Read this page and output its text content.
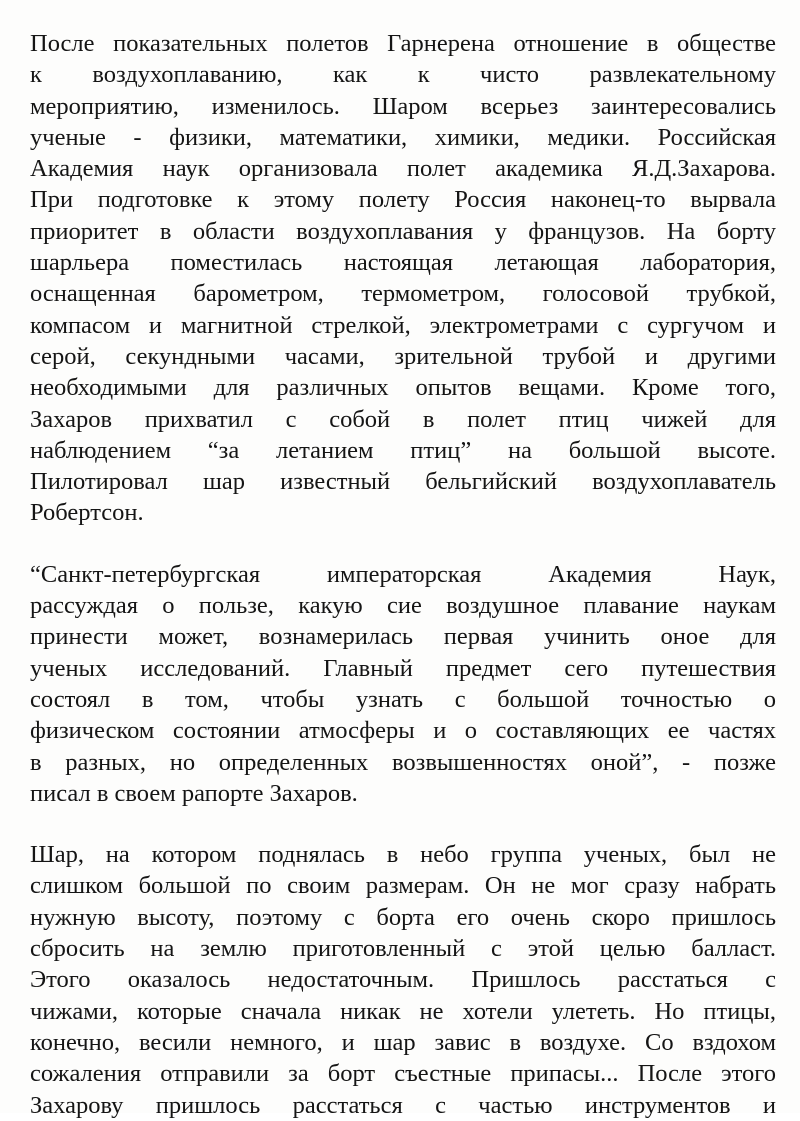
После показательных полетов Гарнерена отношение в обществе
к воздухоплаванию, как к чисто развлекательному
мероприятию, изменилось. Шаром всерьез заинтересовались
ученые - физики, математики, химики, медики. Российская
Академия наук организовала полет академика Я.Д.Захарова.
При подготовке к этому полету Россия наконец-то вырвала
приоритет в области воздухоплавания у французов. На борту
шарльера поместилась настоящая летающая лаборатория,
оснащенная барометром, термометром, голосовой трубкой,
компасом и магнитной стрелкой, электрометрами с сургучом и
серой, секундными часами, зрительной трубой и другими
необходимыми для различных опытов вещами. Кроме того,
Захаров прихватил с собой в полет птиц чижей для
наблюдением “за летанием птиц” на большой высоте.
Пилотировал шар известный бельгийский воздухоплаватель
Робертсон.
“Санкт-петербургская императорская Академия Наук,
рассуждая о пользе, какую сие воздушное плавание наукам
принести может, вознамерилась первая учинить оное для
ученых исследований. Главный предмет сего путешествия
состоял в том, чтобы узнать с большой точностью о
физическом состоянии атмосферы и о составляющих ее частях
в разных, но определенных возвышенностях оной”, - позже
писал в своем рапорте Захаров.
Шар, на котором поднялась в небо группа ученых, был не
слишком большой по своим размерам. Он не мог сразу набрать
нужную высоту, поэтому с борта его очень скоро пришлось
сбросить на землю приготовленный с этой целью балласт.
Этого оказалось недостаточным. Пришлось расстаться с
чижами, которые сначала никак не хотели улететь. Но птицы,
конечно, весили немного, и шар завис в воздухе. Со вздохом
сожаления отправили за борт съестные припасы... После этого
Захарову пришлось расстаться с частью инструментов и
